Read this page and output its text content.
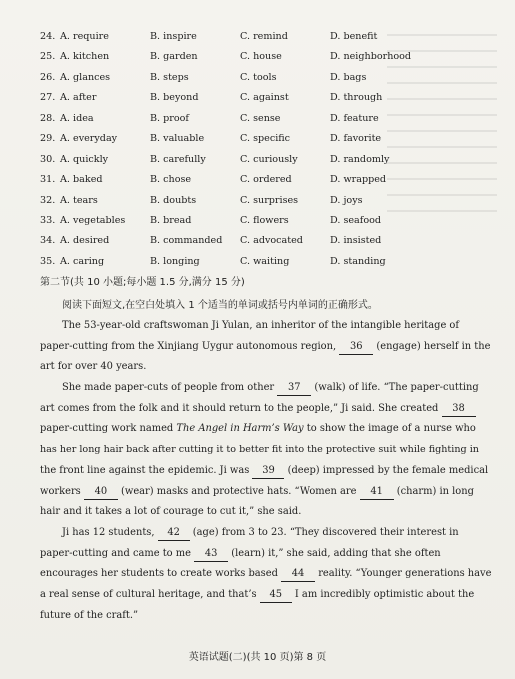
24. A. require	B. inspire	C. remind	D. benefit
25. A. kitchen	B. garden	C. house	D. neighborhood
26. A. glances	B. steps	C. tools	D. bags
27. A. after	B. beyond	C. against	D. through
28. A. idea	B. proof	C. sense	D. feature
29. A. everyday	B. valuable	C. specific	D. favorite
30. A. quickly	B. carefully	C. curiously	D. randomly
31. A. baked	B. chose	C. ordered	D. wrapped
32. A. tears	B. doubts	C. surprises	D. joys
33. A. vegetables	B. bread	C. flowers	D. seafood
34. A. desired	B. commanded C. advocated	D. insisted
35. A. caring	B. longing	C. waiting	D. standing
第二节(共 10 小题;每小题 1.5 分,满分 15 分)
阅读下面短文,在空白处填入 1 个适当的单词或括号内单词的正确形式。
The 53-year-old craftswoman Ji Yulan, an inheritor of the intangible heritage of
paper-cutting from the Xinjiang Uygur autonomous region, 36 (engage) herself in the
art for over 40 years.
She made paper-cuts of people from other 37 (walk) of life. “The paper-cutting
art comes from the folk and it should return to the people,” Ji said. She created 38
paper-cutting work named The Angel in Harm’s Way to show the image of a nurse who
has her long hair back after cutting it to better fit into the protective suit while fighting in
the front line against the epidemic. Ji was 39 (deep) impressed by the female medical
workers 40 (wear) masks and protective hats. “Women are 41 (charm) in long
hair and it takes a lot of courage to cut it,” she said.
Ji has 12 students, 42 (age) from 3 to 23. “They discovered their interest in
paper-cutting and came to me 43 (learn) it,” she said, adding that she often
encourages her students to create works based 44 reality. “Younger generations have
a real sense of cultural heritage, and that’s 45 I am incredibly optimistic about the
future of the craft.”
英语试题(二)(共 10 页)第 8 页
